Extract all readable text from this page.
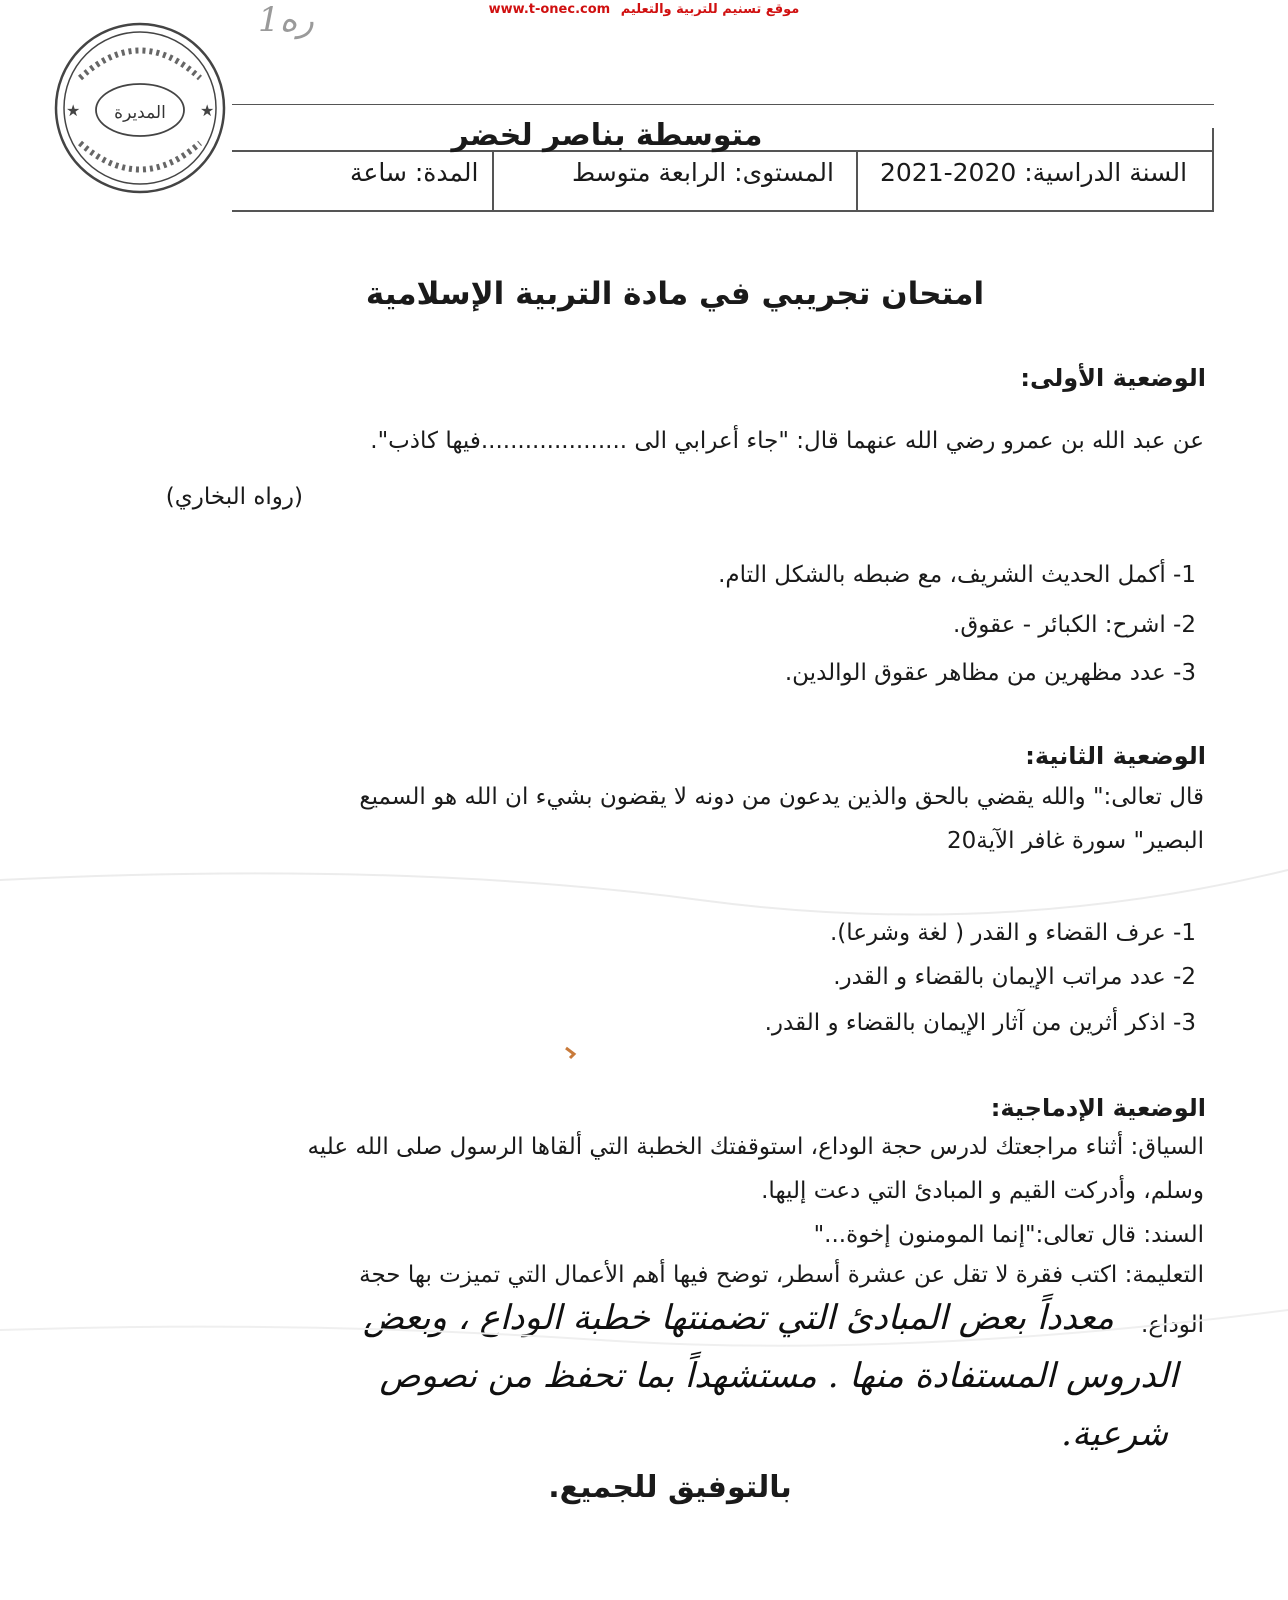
www.t-onec.com موقع تسنيم للتربية والتعليم
1ره
المديرة
★	★
متوسطة بناصر لخضر
السنة الدراسية: 2020-2021
المستوى: الرابعة متوسط
المدة: ساعة
امتحان تجريبي في مادة التربية الإسلامية
الوضعية الأولى:
عن عبد الله بن عمرو رضي الله عنهما قال: "جاء أعرابي الى ....................فيها كاذب".
(رواه البخاري)
1- أكمل الحديث الشريف، مع ضبطه بالشكل التام.
2- اشرح: الكبائر - عقوق.
3- عدد مظهرين من مظاهر عقوق الوالدين.
الوضعية الثانية:
قال تعالى:" والله يقضي بالحق والذين يدعون من دونه لا يقضون بشيء ان الله هو السميع
البصير" سورة غافر الآية20
1- عرف القضاء و القدر ( لغة وشرعا).
2- عدد مراتب الإيمان بالقضاء و القدر.
3- اذكر أثرين من آثار الإيمان بالقضاء و القدر.
الوضعية الإدماجية:
السياق: أثناء مراجعتك لدرس حجة الوداع، استوقفتك الخطبة التي ألقاها الرسول صلى الله عليه
وسلم، وأدركت القيم و المبادئ التي دعت إليها.
السند: قال تعالى:"إنما المومنون إخوة..."
التعليمة: اكتب فقرة لا تقل عن عشرة أسطر، توضح فيها أهم الأعمال التي تميزت بها حجة
الوداع.
معدداً بعض المبادئ التي تضمنتها خطبة الوداع ، وبعض
الدروس المستفادة منها . مستشهداً بما تحفظ من نصوص
شرعية.
بالتوفيق للجميع.
